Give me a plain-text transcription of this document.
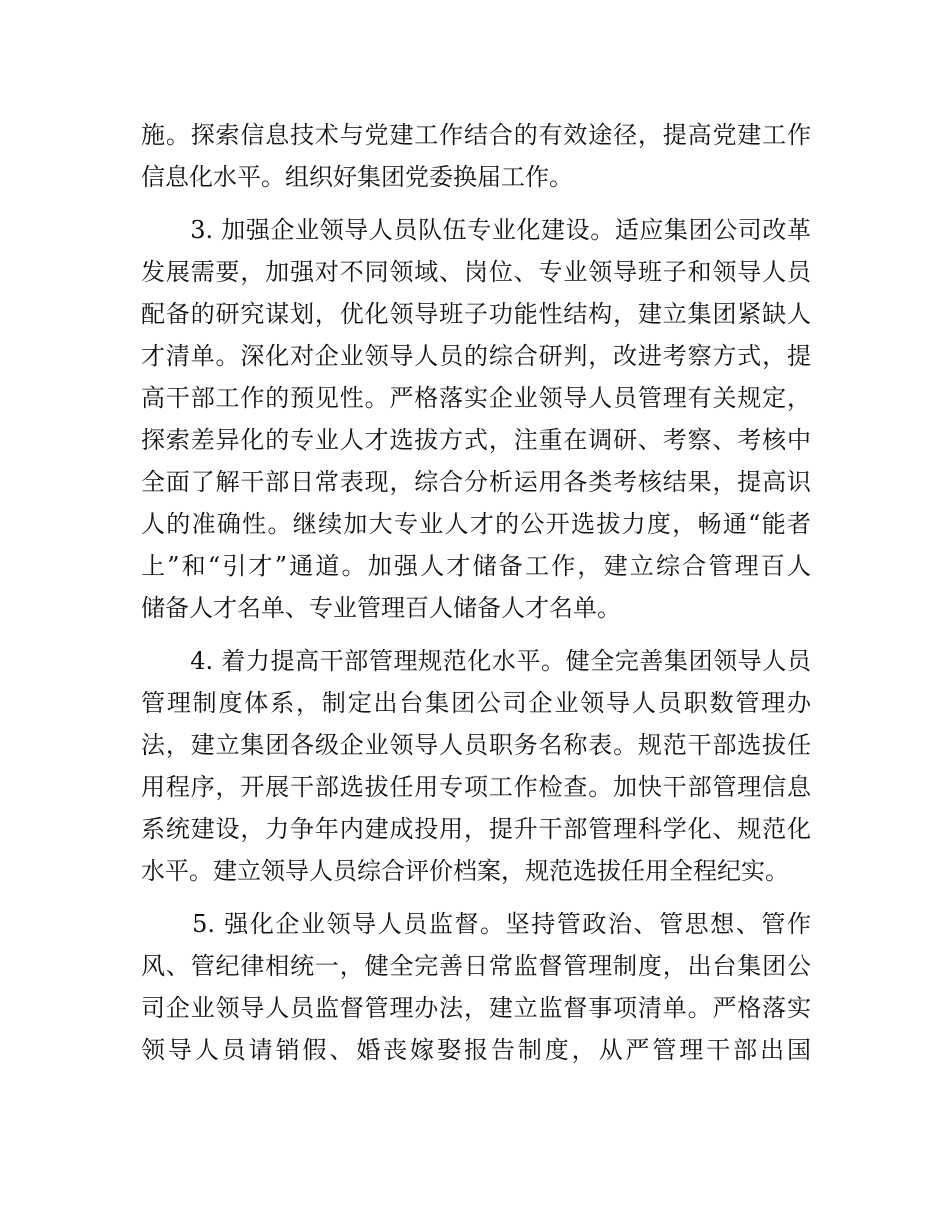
施。探索信息技术与党建工作结合的有效途径，提高党建工作
信息化水平。组织好集团党委换届工作。
　　3. 加强企业领导人员队伍专业化建设。适应集团公司改革
发展需要，加强对不同领域、岗位、专业领导班子和领导人员
配备的研究谋划，优化领导班子功能性结构，建立集团紧缺人
才清单。深化对企业领导人员的综合研判，改进考察方式，提
高干部工作的预见性。严格落实企业领导人员管理有关规定，
探索差异化的专业人才选拔方式，注重在调研、考察、考核中
全面了解干部日常表现，综合分析运用各类考核结果，提高识
人的准确性。继续加大专业人才的公开选拔力度，畅通“能者
上”和“引才”通道。加强人才储备工作，建立综合管理百人
储备人才名单、专业管理百人储备人才名单。
　　4. 着力提高干部管理规范化水平。健全完善集团领导人员
管理制度体系，制定出台集团公司企业领导人员职数管理办
法，建立集团各级企业领导人员职务名称表。规范干部选拔任
用程序，开展干部选拔任用专项工作检查。加快干部管理信息
系统建设，力争年内建成投用，提升干部管理科学化、规范化
水平。建立领导人员综合评价档案，规范选拔任用全程纪实。
　　5. 强化企业领导人员监督。坚持管政治、管思想、管作
风、管纪律相统一，健全完善日常监督管理制度，出台集团公
司企业领导人员监督管理办法，建立监督事项清单。严格落实
领导人员请销假、婚丧嫁娶报告制度，从严管理干部出国
